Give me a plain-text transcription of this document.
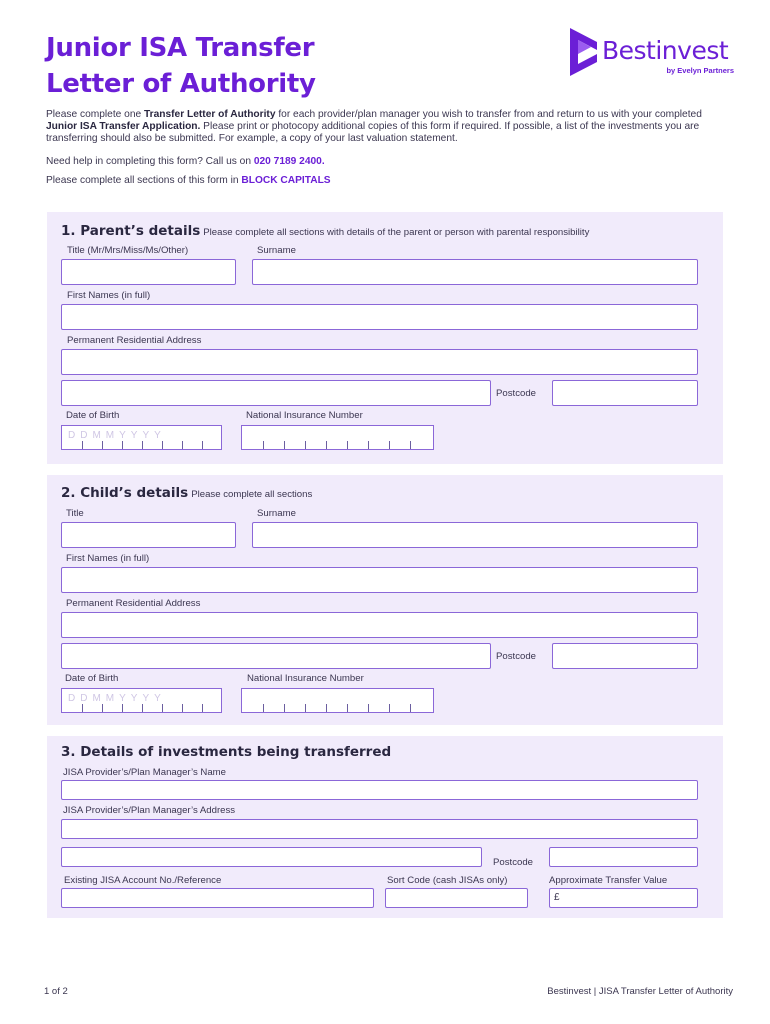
Junior ISA Transfer
Letter of Authority
Bestinvest
by Evelyn Partners

Please complete one Transfer Letter of Authority for each provider/plan manager you wish to transfer from and return to us with your completed Junior ISA Transfer Application. Please print or photocopy additional copies of this form if required. If possible, a list of the investments you are transferring should also be submitted. For example, a copy of your last valuation statement.

Need help in completing this form? Call us on 020 7189 2400.

Please complete all sections of this form in BLOCK CAPITALS

1. Parent’s details Please complete all sections with details of the parent or person with parental responsibility
Title (Mr/Mrs/Miss/Ms/Other)	Surname
First Names (in full)
Permanent Residential Address
Postcode
Date of Birth	National Insurance Number
DDMMYYYY
2. Child’s details Please complete all sections
Title	Surname
First Names (in full)
Permanent Residential Address
Postcode
Date of Birth	National Insurance Number
DDMMYYYY
3. Details of investments being transferred
JISA Provider’s/Plan Manager’s Name
JISA Provider’s/Plan Manager’s Address
Postcode
Existing JISA Account No./Reference	Sort Code (cash JISAs only)	Approximate Transfer Value
£
1 of 2	Bestinvest | JISA Transfer Letter of Authority
